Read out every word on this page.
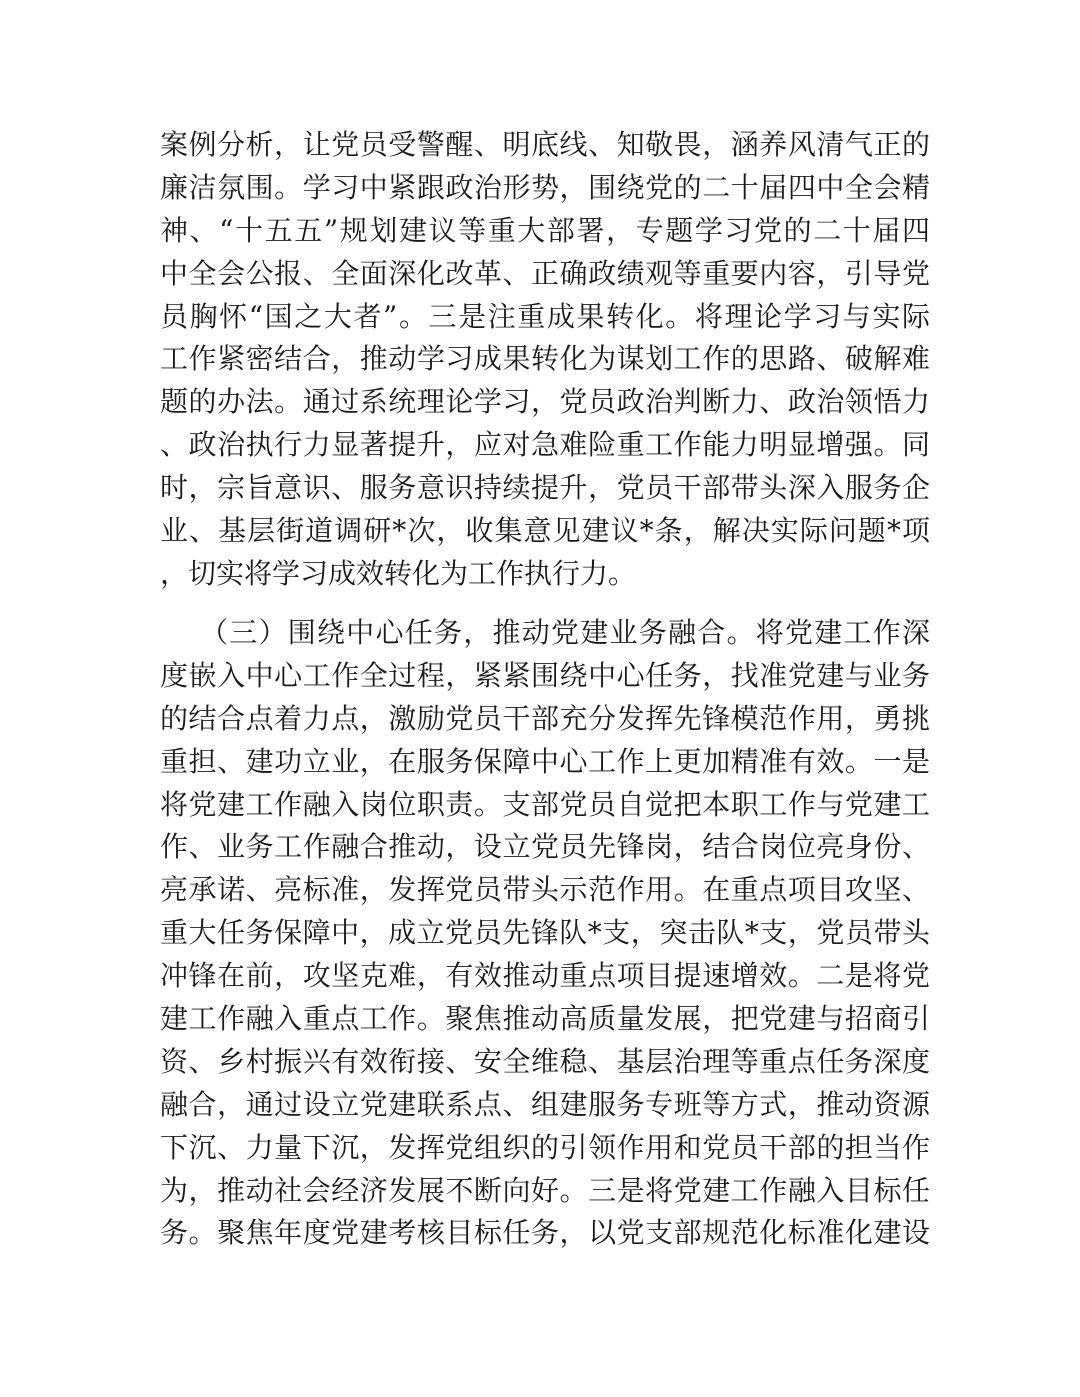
案例分析，让党员受警醒、明底线、知敬畏，涵养风清气正的
廉洁氛围。学习中紧跟政治形势，围绕党的二十届四中全会精
神、“十五五”规划建议等重大部署，专题学习党的二十届四
中全会公报、全面深化改革、正确政绩观等重要内容，引导党
员胸怀“国之大者”。三是注重成果转化。将理论学习与实际
工作紧密结合，推动学习成果转化为谋划工作的思路、破解难
题的办法。通过系统理论学习，党员政治判断力、政治领悟力
、政治执行力显著提升，应对急难险重工作能力明显增强。同
时，宗旨意识、服务意识持续提升，党员干部带头深入服务企
业、基层街道调研*次，收集意见建议*条，解决实际问题*项
，切实将学习成效转化为工作执行力。
（三）围绕中心任务，推动党建业务融合。将党建工作深
度嵌入中心工作全过程，紧紧围绕中心任务，找准党建与业务
的结合点着力点，激励党员干部充分发挥先锋模范作用，勇挑
重担、建功立业，在服务保障中心工作上更加精准有效。一是
将党建工作融入岗位职责。支部党员自觉把本职工作与党建工
作、业务工作融合推动，设立党员先锋岗，结合岗位亮身份、
亮承诺、亮标准，发挥党员带头示范作用。在重点项目攻坚、
重大任务保障中，成立党员先锋队*支，突击队*支，党员带头
冲锋在前，攻坚克难，有效推动重点项目提速增效。二是将党
建工作融入重点工作。聚焦推动高质量发展，把党建与招商引
资、乡村振兴有效衔接、安全维稳、基层治理等重点任务深度
融合，通过设立党建联系点、组建服务专班等方式，推动资源
下沉、力量下沉，发挥党组织的引领作用和党员干部的担当作
为，推动社会经济发展不断向好。三是将党建工作融入目标任
务。聚焦年度党建考核目标任务，以党支部规范化标准化建设
